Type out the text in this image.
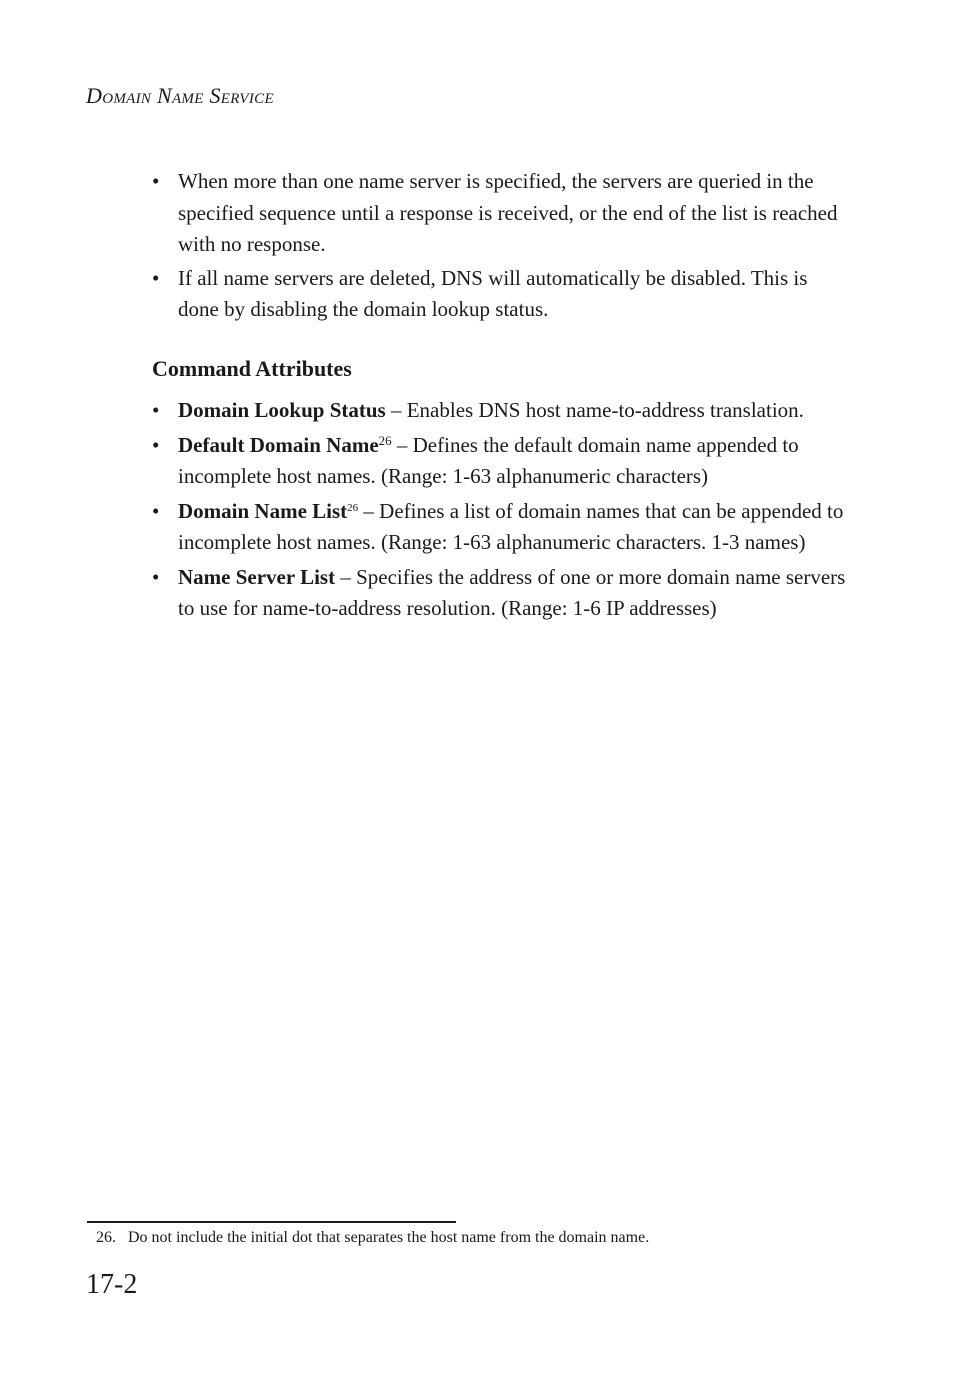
Domain Name Service
• When more than one name server is specified, the servers are queried in the specified sequence until a response is received, or the end of the list is reached with no response.
• If all name servers are deleted, DNS will automatically be disabled. This is done by disabling the domain lookup status.
Command Attributes
• Domain Lookup Status – Enables DNS host name-to-address translation.
• Default Domain Name$^{26}$ – Defines the default domain name appended to incomplete host names. (Range: 1-63 alphanumeric characters)
• Domain Name List$^{26}$ – Defines a list of domain names that can be appended to incomplete host names. (Range: 1-63 alphanumeric characters. 1-3 names)
• Name Server List – Specifies the address of one or more domain name servers to use for name-to-address resolution. (Range: 1-6 IP addresses)

26. Do not include the initial dot that separates the host name from the domain name.

17-2
